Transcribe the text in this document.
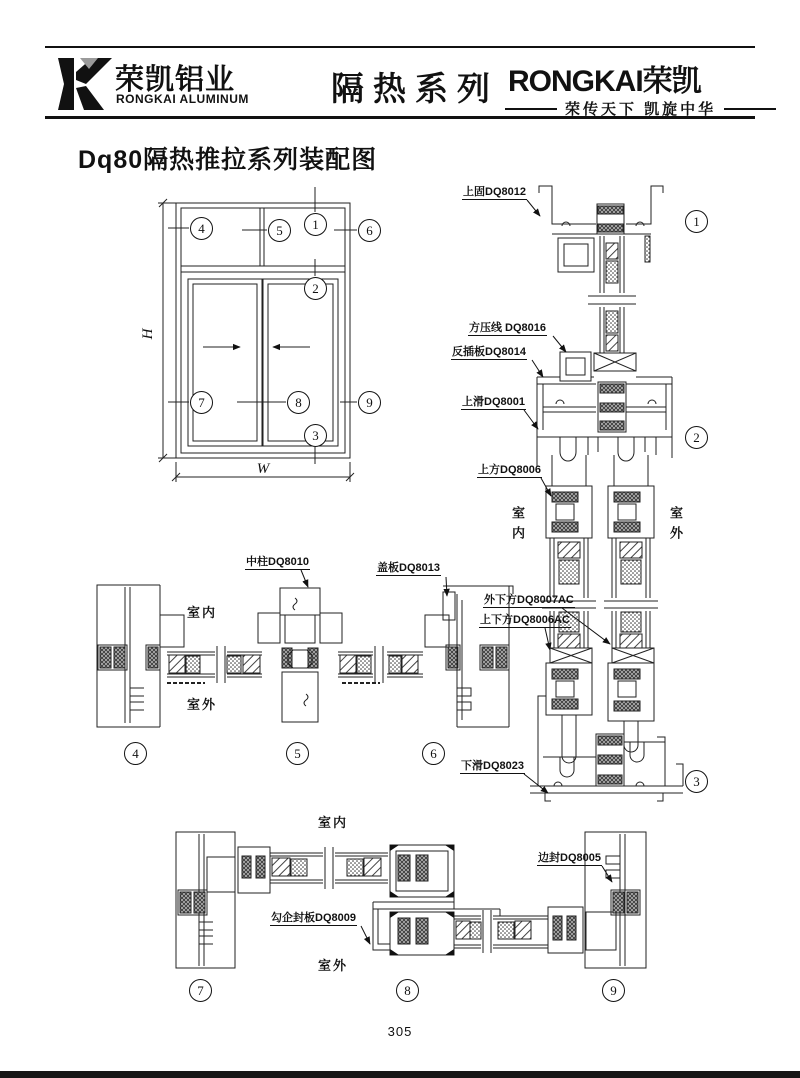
荣凯铝业
RONGKAI ALUMINUM 隔热系列 RONGKAI荣凯
荣传天下 凯旋中华
Dq80隔热推拉系列装配图
H
W
上固DQ8012
方压线 DQ8016
反插板DQ8014
上滑DQ8001
上方DQ8006
外下方DQ8007AC
上下方DQ8006AC
下滑DQ8023
中柱DQ8010	盖板DQ8013
边封DQ8005
勾企封板DQ8009
室内	室外
室内
室外
室内
室外
4	5	1	6
2
7	8	9
3
1
2
3
4	5	6
7	8	9
305
